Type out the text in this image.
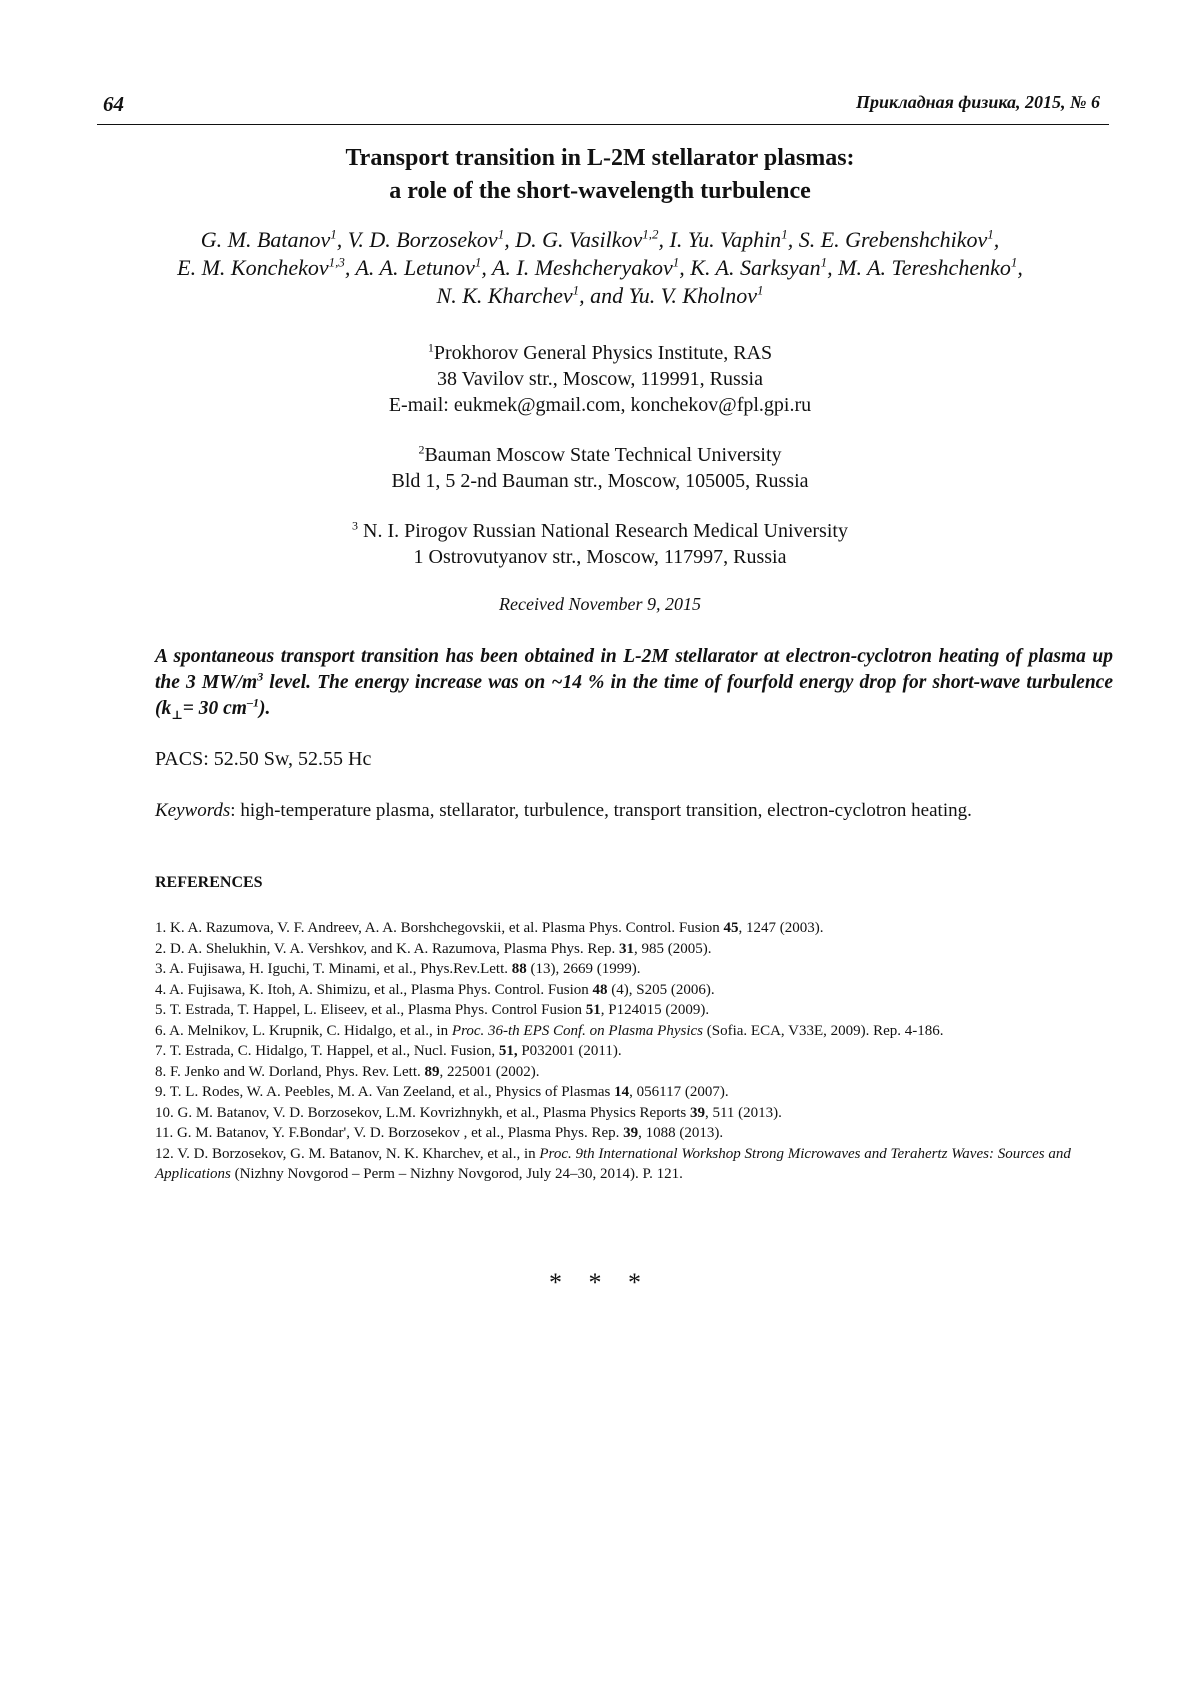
64	Прикладная физика, 2015, № 6
Transport transition in L-2M stellarator plasmas:
a role of the short-wavelength turbulence
G. M. Batanov$^1$, V. D. Borzosekov$^1$, D. G. Vasilkov$^{1,2}$, I. Yu. Vaphin$^1$, S. E. Grebenshchikov$^1$,
E. M. Konchekov$^{1,3}$, A. A. Letunov$^1$, A. I. Meshcheryakov$^1$, K. A. Sarksyan$^1$, M. A. Tereshchenko$^1$,
N. K. Kharchev$^1$, and Yu. V. Kholnov$^1$
$^1$Prokhorov General Physics Institute, RAS
38 Vavilov str., Moscow, 119991, Russia
E-mail: eukmek@gmail.com, konchekov@fpl.gpi.ru
$^2$Bauman Moscow State Technical University
Bld 1, 5 2-nd Bauman str., Moscow, 105005, Russia
$^3$ N. I. Pirogov Russian National Research Medical University
1 Ostrovutyanov str., Moscow, 117997, Russia
Received November 9, 2015
A spontaneous transport transition has been obtained in L-2M stellarator at electron-cyclotron heating of plasma up the 3 $MW/m^3$ level. The energy increase was on ~14 % in the time of fourfold energy drop for short-wave turbulence ($k_\perp= 30$ $cm^{-1}$).
PACS: 52.50 Sw, 52.55 Hc
Keywords: high-temperature plasma, stellarator, turbulence, transport transition, electron-cyclotron heating.
REFERENCES
1. K. A. Razumova, V. F. Andreev, A. A. Borshchegovskii, et al. Plasma Phys. Control. Fusion 45, 1247 (2003).
2. D. A. Shelukhin, V. A. Vershkov, and K. A. Razumova, Plasma Phys. Rep. 31, 985 (2005).
3. A. Fujisawa, H. Iguchi, T. Minami, et al., Phys.Rev.Lett. 88 (13), 2669 (1999).
4. A. Fujisawa, K. Itoh, A. Shimizu, et al., Plasma Phys. Control. Fusion 48 (4), S205 (2006).
5. T. Estrada, T. Happel, L. Eliseev, et al., Plasma Phys. Control Fusion 51, P124015 (2009).
6. A. Melnikov, L. Krupnik, C. Hidalgo, et al., in Proc. 36-th EPS Conf. on Plasma Physics (Sofia. ECA, V33E, 2009). Rep. 4-186.
7. T. Estrada, C. Hidalgo, T. Happel, et al., Nucl. Fusion, 51, P032001 (2011).
8. F. Jenko and W. Dorland, Phys. Rev. Lett. 89, 225001 (2002).
9. T. L. Rodes, W. A. Peebles, M. A. Van Zeeland, et al., Physics of Plasmas 14, 056117 (2007).
10. G. M. Batanov, V. D. Borzosekov, L.M. Kovrizhnykh, et al., Plasma Physics Reports 39, 511 (2013).
11. G. M. Batanov, Y. F.Bondar', V. D. Borzosekov , et al., Plasma Phys. Rep. 39, 1088 (2013).
12. V. D. Borzosekov, G. M. Batanov, N. K. Kharchev, et al., in Proc. 9th International Workshop Strong Microwaves and Terahertz Waves: Sources and Applications (Nizhny Novgorod – Perm – Nizhny Novgorod, July 24–30, 2014). P. 121.
* * *
